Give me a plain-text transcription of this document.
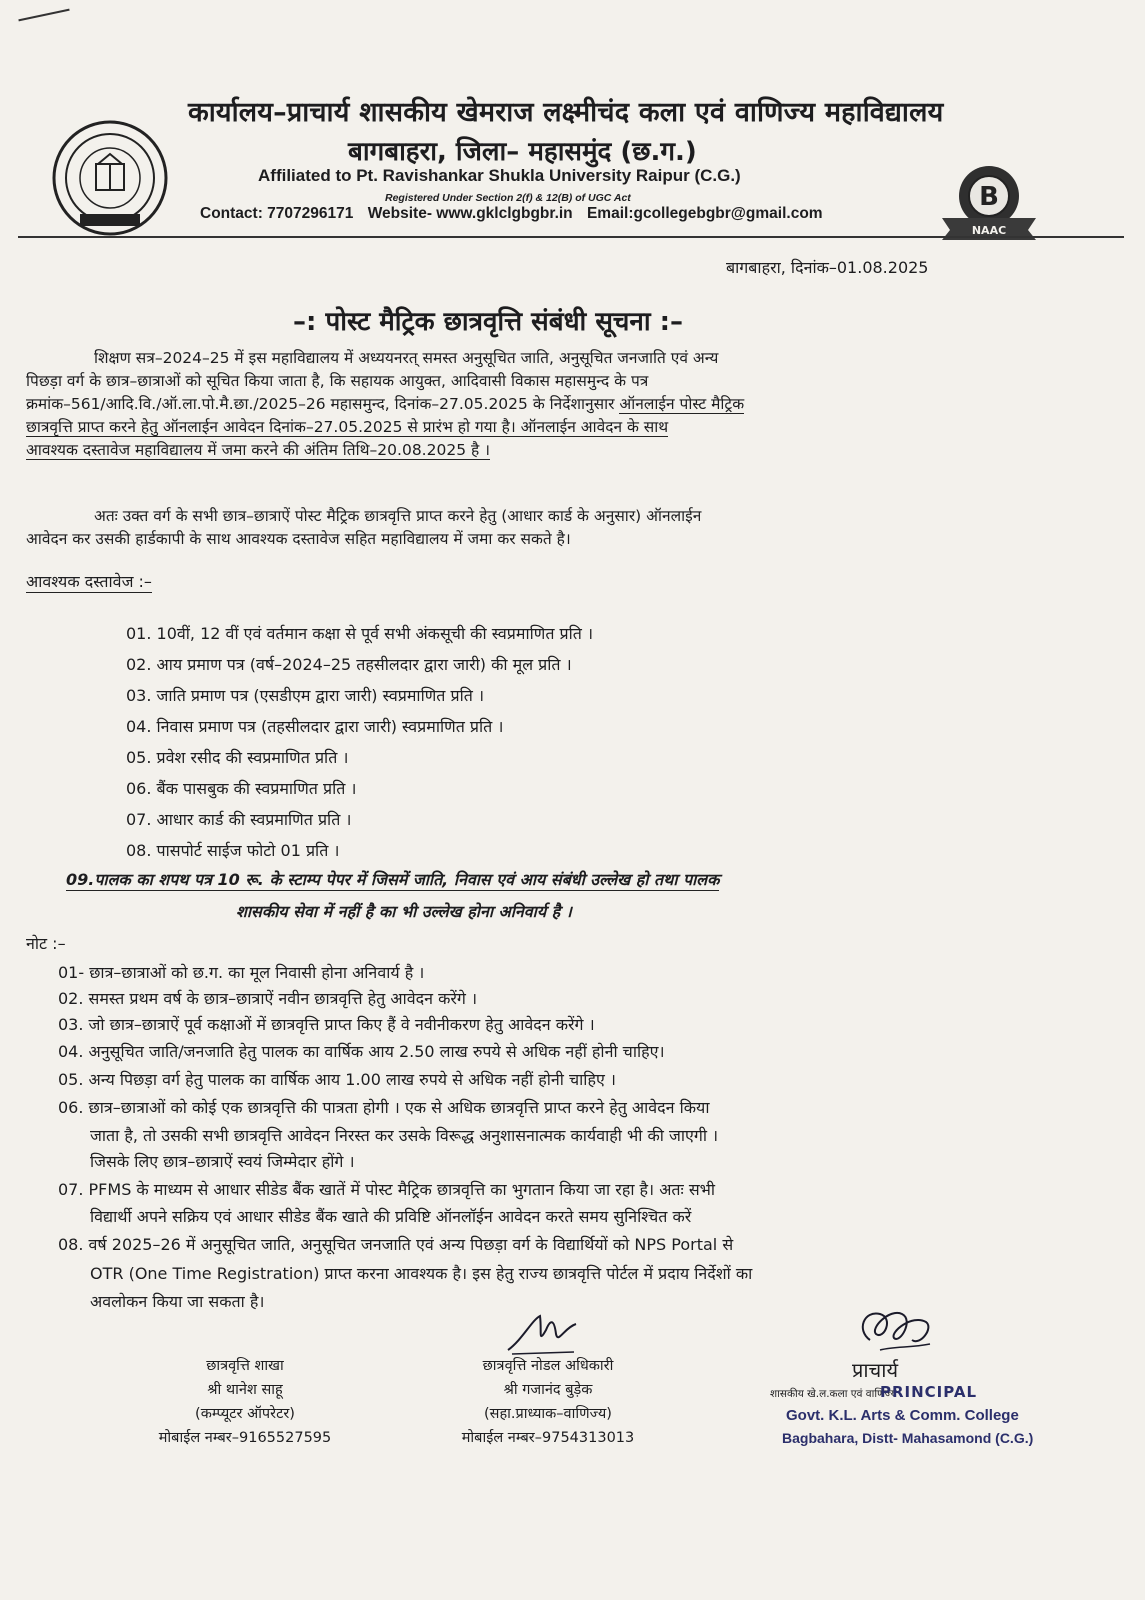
B
NAAC
कार्यालय–प्राचार्य शासकीय खेमराज लक्ष्मीचंद कला एवं वाणिज्य महाविद्यालय
बागबाहरा, जिला– महासमुंद (छ.ग.)
Affiliated to Pt. Ravishankar Shukla University Raipur (C.G.)
Registered Under Section 2(f) & 12(B) of UGC Act
Contact: 7707296171 Website- www.gklclgbgbr.in Email:gcollegebgbr@gmail.com
बागबाहरा, दिनांक–01.08.2025
–: पोस्ट मैट्रिक छात्रवृत्ति संबंधी सूचना :–
शिक्षण सत्र–2024–25 में इस महाविद्यालय में अध्ययनरत् समस्त अनुसूचित जाति, अनुसूचित जनजाति एवं अन्य
पिछड़ा वर्ग के छात्र–छात्राओं को सूचित किया जाता है, कि सहायक आयुक्त, आदिवासी विकास महासमुन्द के पत्र
क्रमांक–561/आदि.वि./ऑ.ला.पो.मै.छा./2025–26 महासमुन्द, दिनांक–27.05.2025 के निर्देशानुसार ऑनलाईन पोस्ट मैट्रिक
छात्रवृत्ति प्राप्त करने हेतु ऑनलाईन आवेदन दिनांक–27.05.2025 से प्रारंभ हो गया है। ऑनलाईन आवेदन के साथ
आवश्यक दस्तावेज महाविद्यालय में जमा करने की अंतिम तिथि–20.08.2025 है ।
अतः उक्त वर्ग के सभी छात्र–छात्राऐं पोस्ट मैट्रिक छात्रवृत्ति प्राप्त करने हेतु (आधार कार्ड के अनुसार) ऑनलाईन
आवेदन कर उसकी हार्डकापी के साथ आवश्यक दस्तावेज सहित महाविद्यालय में जमा कर सकते है।
आवश्यक दस्तावेज :–
01. 10वीं, 12 वीं एवं वर्तमान कक्षा से पूर्व सभी अंकसूची की स्वप्रमाणित प्रति ।
02. आय प्रमाण पत्र (वर्ष–2024–25 तहसीलदार द्वारा जारी) की मूल प्रति ।
03. जाति प्रमाण पत्र (एसडीएम द्वारा जारी) स्वप्रमाणित प्रति ।
04. निवास प्रमाण पत्र (तहसीलदार द्वारा जारी) स्वप्रमाणित प्रति ।
05. प्रवेश रसीद की स्वप्रमाणित प्रति ।
06. बैंक पासबुक की स्वप्रमाणित प्रति ।
07. आधार कार्ड की स्वप्रमाणित प्रति ।
08. पासपोर्ट साईज फोटो 01 प्रति ।
09.पालक का शपथ पत्र 10 रू. के स्टाम्प पेपर में जिसमें जाति, निवास एवं आय संबंधी उल्लेख हो तथा पालक
शासकीय सेवा में नहीं है का भी उल्लेख होना अनिवार्य है ।
नोट :–
01- छात्र–छात्राओं को छ.ग. का मूल निवासी होना अनिवार्य है ।
02. समस्त प्रथम वर्ष के छात्र–छात्राऐं नवीन छात्रवृत्ति हेतु आवेदन करेंगे ।
03. जो छात्र–छात्राऐं पूर्व कक्षाओं में छात्रवृत्ति प्राप्त किए हैं वे नवीनीकरण हेतु आवेदन करेंगे ।
04. अनुसूचित जाति/जनजाति हेतु पालक का वार्षिक आय 2.50 लाख रुपये से अधिक नहीं होनी चाहिए।
05. अन्य पिछड़ा वर्ग हेतु पालक का वार्षिक आय 1.00 लाख रुपये से अधिक नहीं होनी चाहिए ।
06. छात्र–छात्राओं को कोई एक छात्रवृत्ति की पात्रता होगी । एक से अधिक छात्रवृत्ति प्राप्त करने हेतु आवेदन किया
जाता है, तो उसकी सभी छात्रवृत्ति आवेदन निरस्त कर उसके विरूद्ध अनुशासनात्मक कार्यवाही भी की जाएगी ।
जिसके लिए छात्र–छात्राऐं स्वयं जिम्मेदार होंगे ।
07. PFMS के माध्यम से आधार सीडेड बैंक खातें में पोस्ट मैट्रिक छात्रवृत्ति का भुगतान किया जा रहा है। अतः सभी
विद्यार्थी अपने सक्रिय एवं आधार सीडेड बैंक खाते की प्रविष्टि ऑनलॉईन आवेदन करते समय सुनिश्चित करें
08. वर्ष 2025–26 में अनुसूचित जाति, अनुसूचित जनजाति एवं अन्य पिछड़ा वर्ग के विद्यार्थियों को NPS Portal से
OTR (One Time Registration) प्राप्त करना आवश्यक है। इस हेतु राज्य छात्रवृत्ति पोर्टल में प्रदाय निर्देशों का
अवलोकन किया जा सकता है।
छात्रवृत्ति शाखा
श्री थानेश साहू
(कम्प्यूटर ऑपरेटर)
मोबाईल नम्बर–9165527595
छात्रवृत्ति नोडल अधिकारी
श्री गजानंद बुड़ेक
(सहा.प्राध्याक–वाणिज्य)
मोबाईल नम्बर–9754313013
प्राचार्य
शासकीय खे.ल.कला एवं वाणिज्य
PRINCIPAL
Govt. K.L. Arts & Comm. College
Bagbahara, Distt- Mahasamond (C.G.)
